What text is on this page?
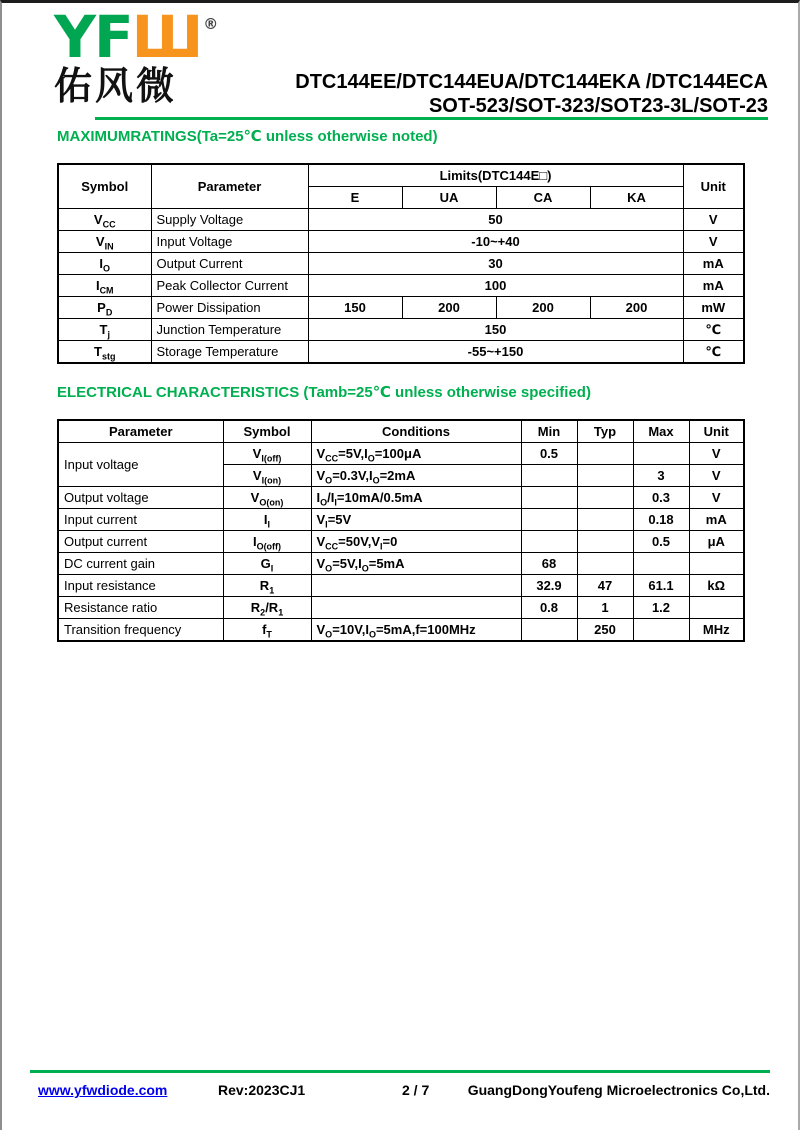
YFШ ®
佑风微	DTC144EE/DTC144EUA/DTC144EKA /DTC144ECA
SOT-523/SOT-323/SOT23-3L/SOT-23
MAXIMUMRATINGS(Ta=25℃ unless otherwise noted)
Symbol	Parameter	Limits(DTC144E□)				Unit
		E	UA	CA	KA	
$V_{CC}$	Supply Voltage	50				V
$V_{IN}$	Input Voltage	-10~+40				V
$I_O$	Output Current	30				mA
$I_{CM}$	Peak Collector Current	100				mA
$P_D$	Power Dissipation	150	200	200	200	mW
$T_j$	Junction Temperature	150				℃
$T_{stg}$	Storage Temperature	-55~+150				℃
ELECTRICAL CHARACTERISTICS (Tamb=25℃ unless otherwise specified)
Parameter	Symbol	Conditions	Min	Typ	Max	Unit
Input voltage	$V_{I(off)}$	$V_{CC}=5V,I_O=100\mu A$	0.5			V
	$V_{I(on)}$	$V_O=0.3V,I_O=2mA$			3	V
Output voltage	$V_{O(on)}$	$I_O/I_I=10mA/0.5mA$			0.3	V
Input current	$I_I$	$V_I=5V$			0.18	mA
Output current	$I_{O(off)}$	$V_{CC}=50V,V_I=0$			0.5	μA
DC current gain	$G_I$	$V_O=5V,I_O=5mA$	68			
Input resistance	$R_1$		32.9	47	61.1	kΩ
Resistance ratio	$R_2/R_1$		0.8	1	1.2	
Transition frequency	$f_T$	$V_O=10V,I_O=5mA,f=100MHz$		250		MHz
www.yfwdiode.com	Rev:2023CJ1	2 / 7	GuangDongYoufeng Microelectronics Co,Ltd.
